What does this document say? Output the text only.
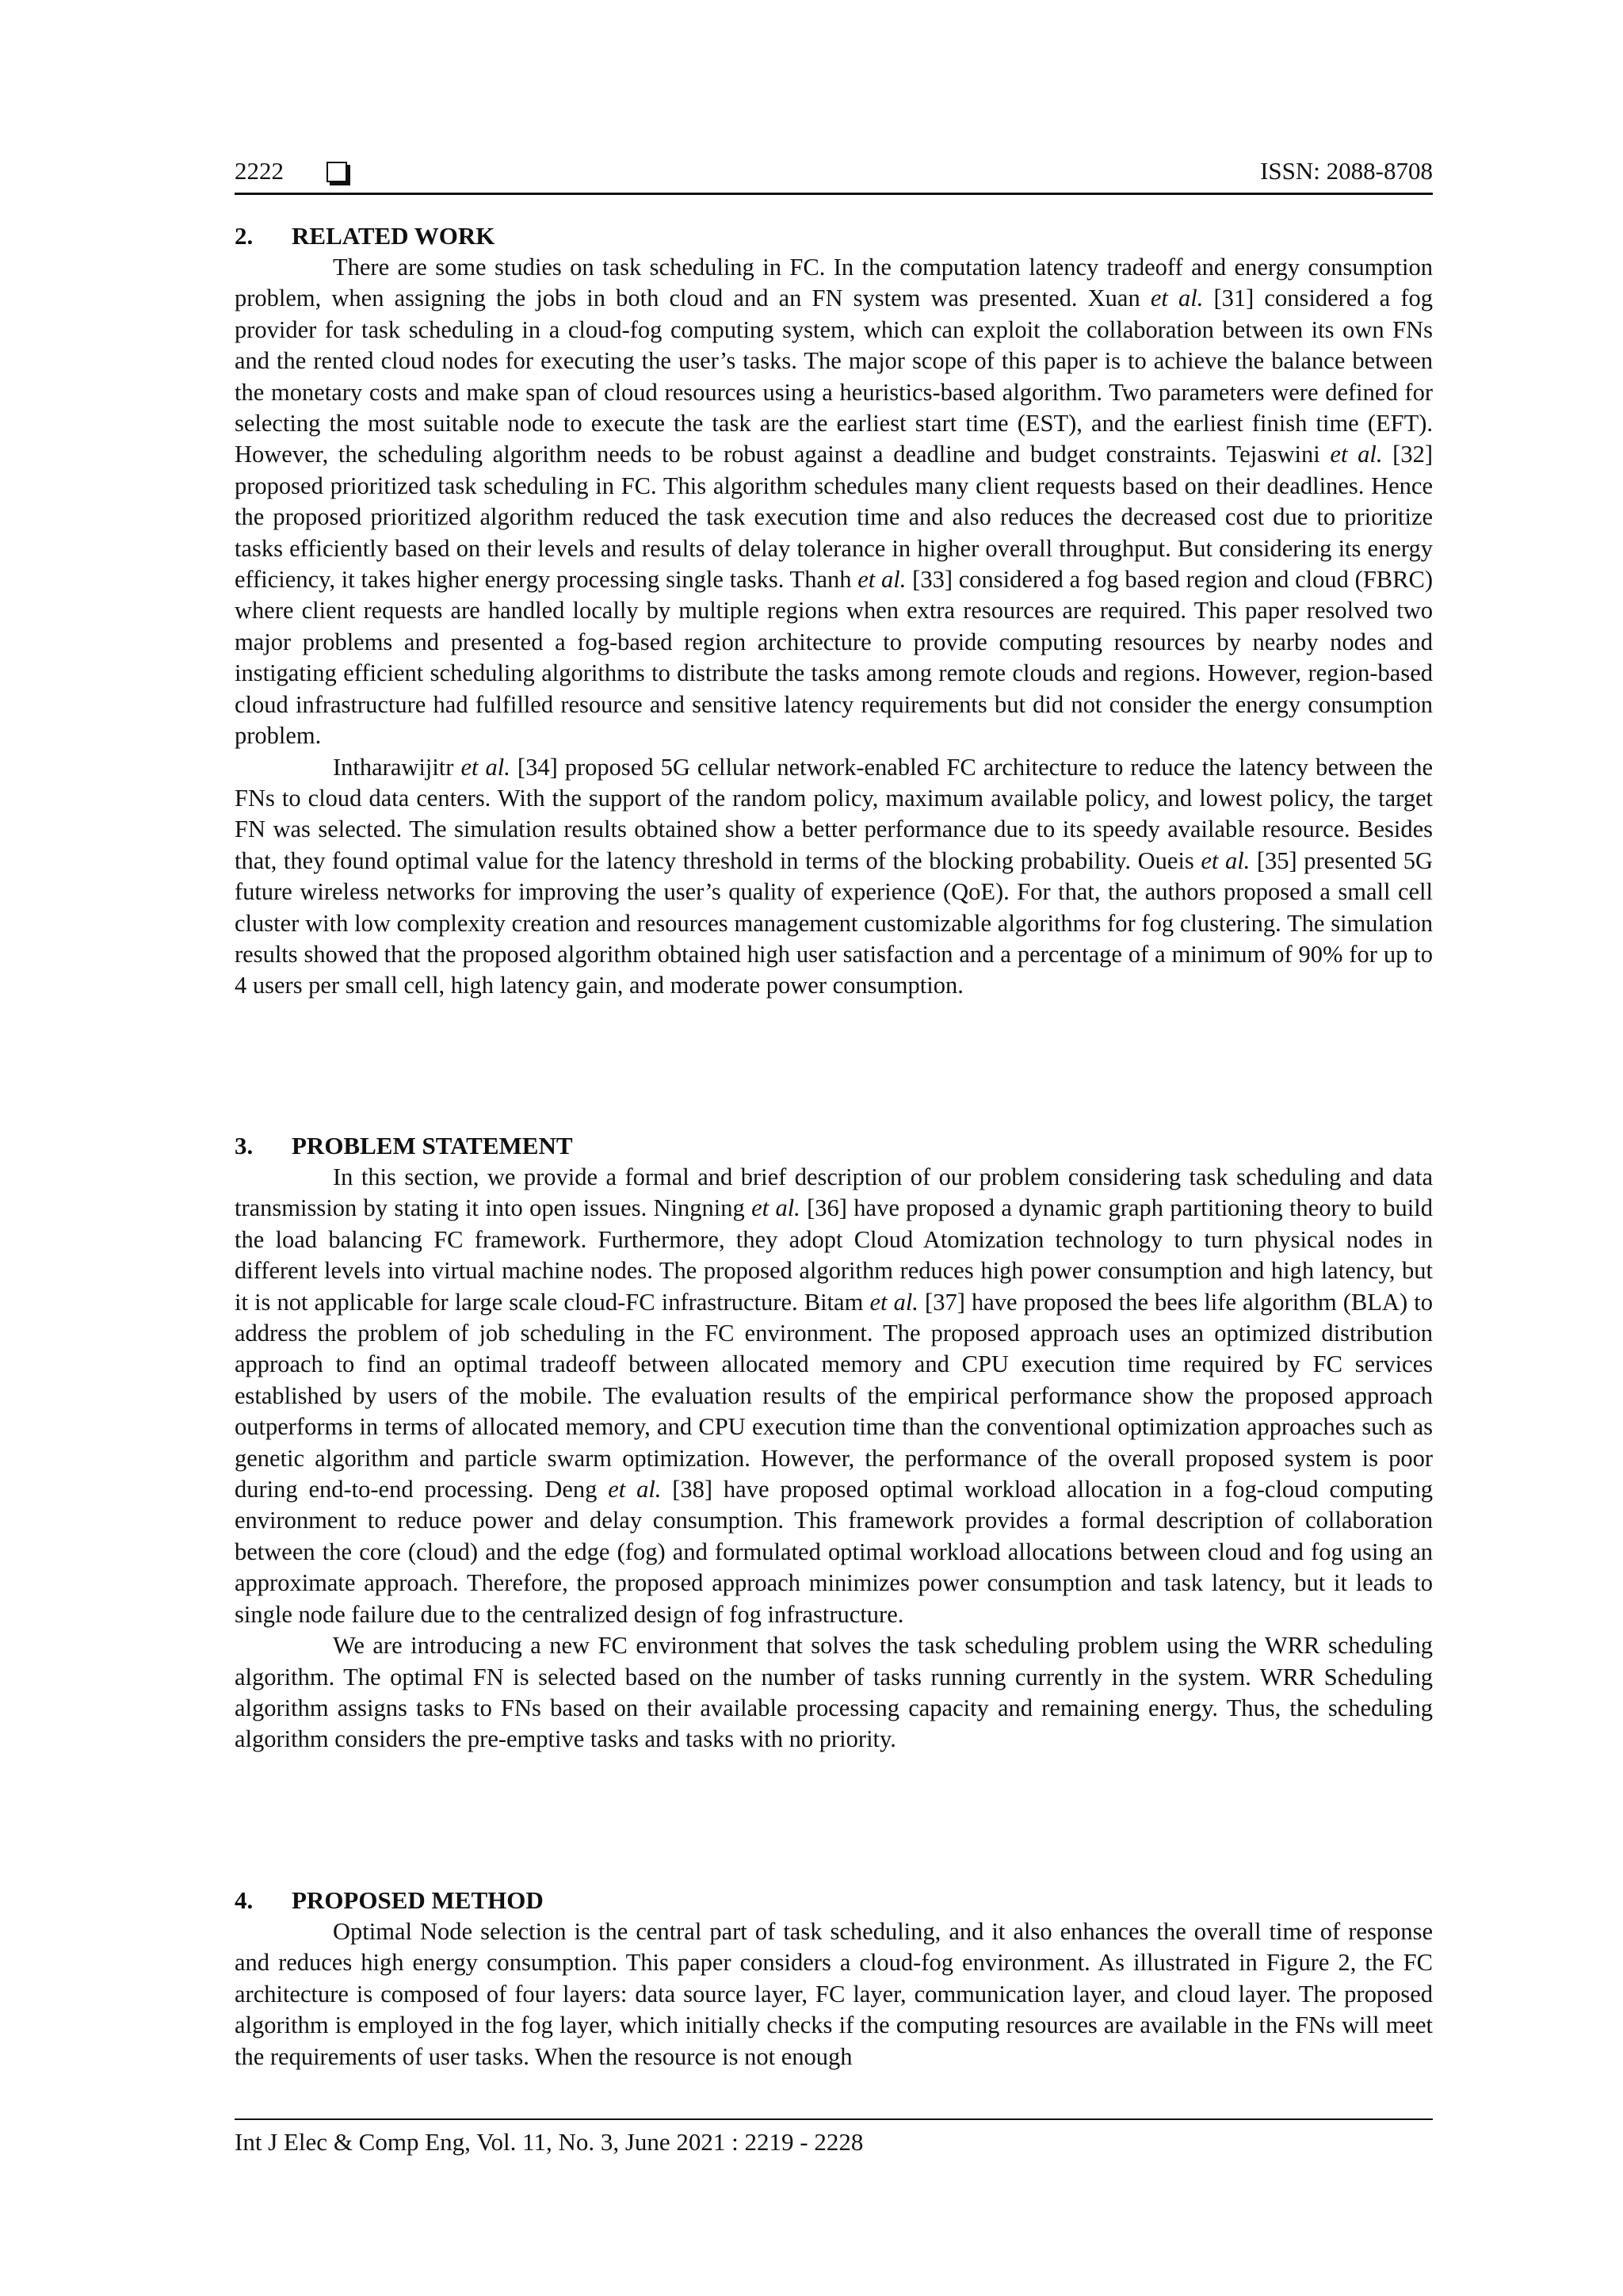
2222	ISSN: 2088-8708
2. RELATED WORK

There are some studies on task scheduling in FC. In the computation latency tradeoff and energy consumption problem, when assigning the jobs in both cloud and an FN system was presented. Xuan et al. [31] considered a fog provider for task scheduling in a cloud-fog computing system, which can exploit the collaboration between its own FNs and the rented cloud nodes for executing the user’s tasks. The major scope of this paper is to achieve the balance between the monetary costs and make span of cloud resources using a heuristics-based algorithm. Two parameters were defined for selecting the most suitable node to execute the task are the earliest start time (EST), and the earliest finish time (EFT). However, the scheduling algorithm needs to be robust against a deadline and budget constraints. Tejaswini et al. [32] proposed prioritized task scheduling in FC. This algorithm schedules many client requests based on their deadlines. Hence the proposed prioritized algorithm reduced the task execution time and also reduces the decreased cost due to prioritize tasks efficiently based on their levels and results of delay tolerance in higher overall throughput. But considering its energy efficiency, it takes higher energy processing single tasks. Thanh et al. [33] considered a fog based region and cloud (FBRC) where client requests are handled locally by multiple regions when extra resources are required. This paper resolved two major problems and presented a fog-based region architecture to provide computing resources by nearby nodes and instigating efficient scheduling algorithms to distribute the tasks among remote clouds and regions. However, region-based cloud infrastructure had fulfilled resource and sensitive latency requirements but did not consider the energy consumption problem.

Intharawijitr et al. [34] proposed 5G cellular network-enabled FC architecture to reduce the latency between the FNs to cloud data centers. With the support of the random policy, maximum available policy, and lowest policy, the target FN was selected. The simulation results obtained show a better performance due to its speedy available resource. Besides that, they found optimal value for the latency threshold in terms of the blocking probability. Oueis et al. [35] presented 5G future wireless networks for improving the user’s quality of experience (QoE). For that, the authors proposed a small cell cluster with low complexity creation and resources management customizable algorithms for fog clustering. The simulation results showed that the proposed algorithm obtained high user satisfaction and a percentage of a minimum of 90% for up to 4 users per small cell, high latency gain, and moderate power consumption.

3. PROBLEM STATEMENT

In this section, we provide a formal and brief description of our problem considering task scheduling and data transmission by stating it into open issues. Ningning et al. [36] have proposed a dynamic graph partitioning theory to build the load balancing FC framework. Furthermore, they adopt Cloud Atomization technology to turn physical nodes in different levels into virtual machine nodes. The proposed algorithm reduces high power consumption and high latency, but it is not applicable for large scale cloud-FC infrastructure. Bitam et al. [37] have proposed the bees life algorithm (BLA) to address the problem of job scheduling in the FC environment. The proposed approach uses an optimized distribution approach to find an optimal tradeoff between allocated memory and CPU execution time required by FC services established by users of the mobile. The evaluation results of the empirical performance show the proposed approach outperforms in terms of allocated memory, and CPU execution time than the conventional optimization approaches such as genetic algorithm and particle swarm optimization. However, the performance of the overall proposed system is poor during end-to-end processing. Deng et al. [38] have proposed optimal workload allocation in a fog-cloud computing environment to reduce power and delay consumption. This framework provides a formal description of collaboration between the core (cloud) and the edge (fog) and formulated optimal workload allocations between cloud and fog using an approximate approach. Therefore, the proposed approach minimizes power consumption and task latency, but it leads to single node failure due to the centralized design of fog infrastructure.

We are introducing a new FC environment that solves the task scheduling problem using the WRR scheduling algorithm. The optimal FN is selected based on the number of tasks running currently in the system. WRR Scheduling algorithm assigns tasks to FNs based on their available processing capacity and remaining energy. Thus, the scheduling algorithm considers the pre-emptive tasks and tasks with no priority.

4. PROPOSED METHOD

Optimal Node selection is the central part of task scheduling, and it also enhances the overall time of response and reduces high energy consumption. This paper considers a cloud-fog environment. As illustrated in Figure 2, the FC architecture is composed of four layers: data source layer, FC layer, communication layer, and cloud layer. The proposed algorithm is employed in the fog layer, which initially checks if the computing resources are available in the FNs will meet the requirements of user tasks. When the resource is not enough

Int J Elec & Comp Eng, Vol. 11, No. 3, June 2021 : 2219 - 2228
